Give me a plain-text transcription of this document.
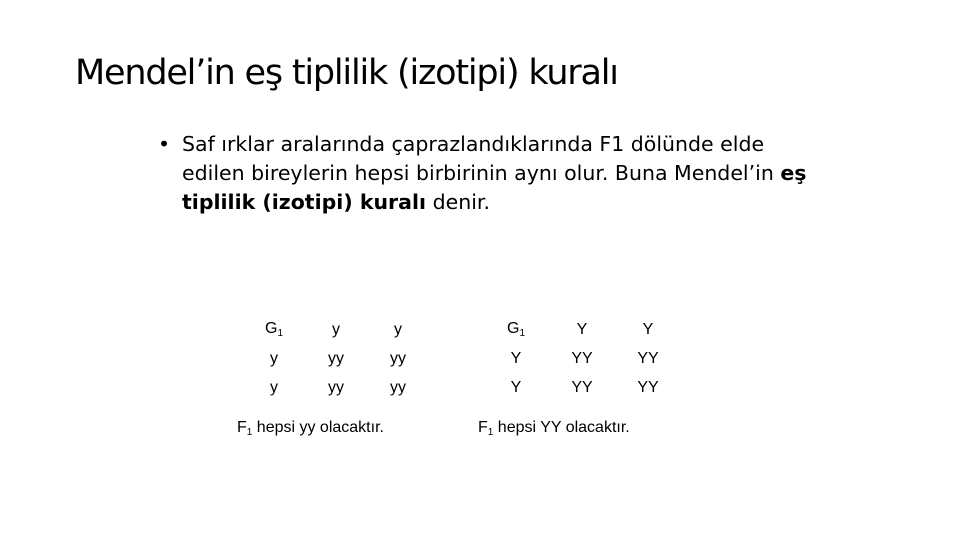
Mendel’in eş tiplilik (izotipi) kuralı
• Saf ırklar aralarında çaprazlandıklarında F1 dölünde elde edilen bireylerin hepsi birbirinin aynı olur. Buna Mendel’in eş tiplilik (izotipi) kuralı denir.
$G_1$	y	y
y	yy	yy
y	yy	yy
$F_1$ hepsi yy olacaktır.
$G_1$	Y	Y
Y	YY	YY
Y	YY	YY
$F_1$ hepsi YY olacaktır.
